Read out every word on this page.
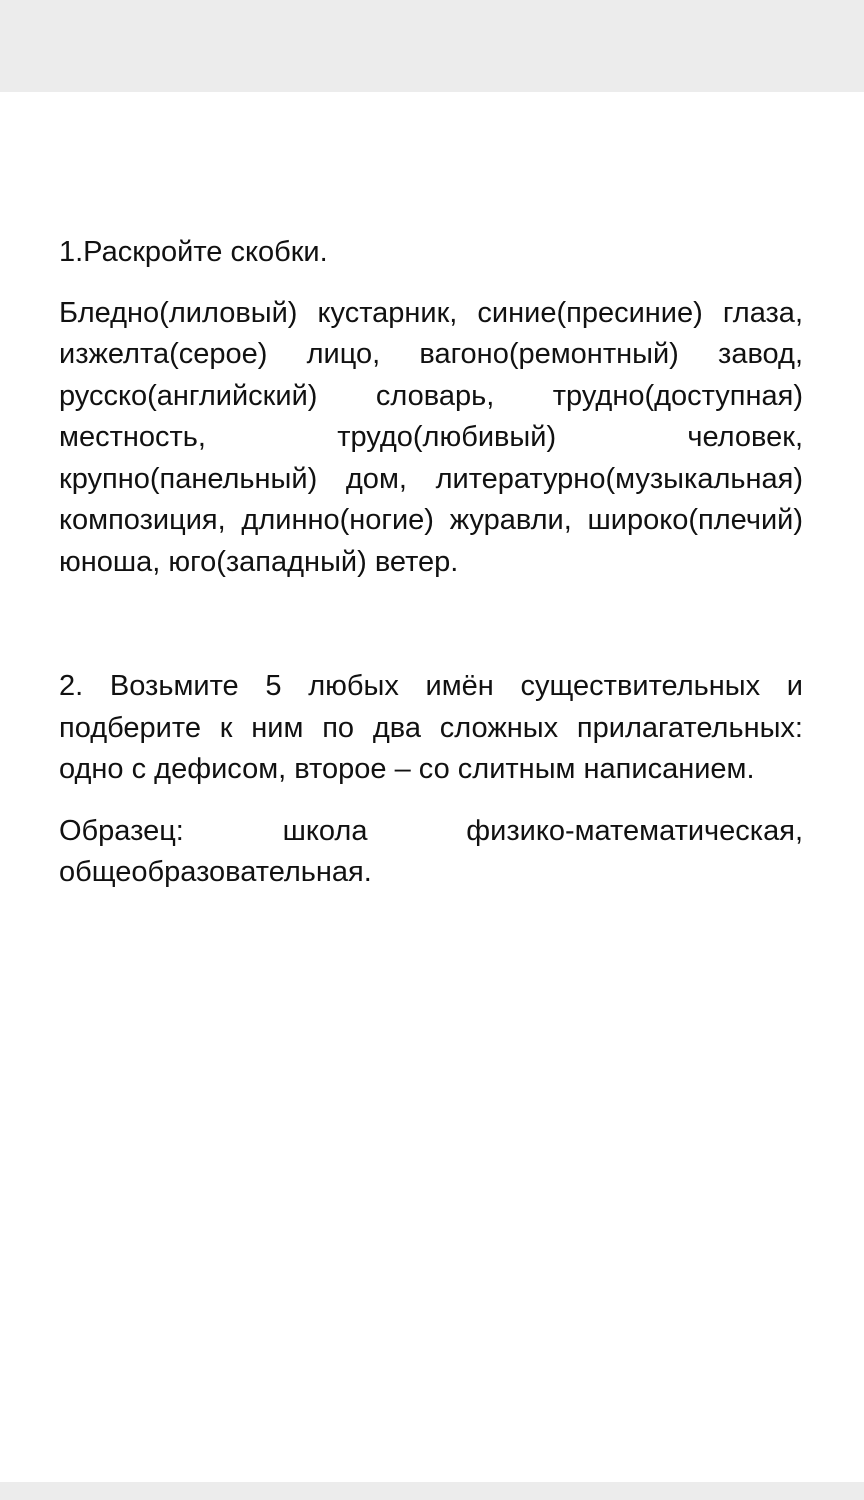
1.Раскройте скобки.

Бледно(лиловый) кустарник, синие(пресиние) глаза, изжелта(серое) лицо, вагоно(ремонтный) завод, русско(английский) словарь, трудно(доступная) местность, трудо(любивый) человек, крупно(панельный) дом, литературно(музыкальная) композиция, длинно(ногие) журавли, широко(плечий) юноша, юго(западный) ветер.

2. Возьмите 5 любых имён существительных и подберите к ним по два сложных прилагательных: одно с дефисом, второе – со слитным написанием.

Образец: школа физико-математическая, общеобразовательная.
